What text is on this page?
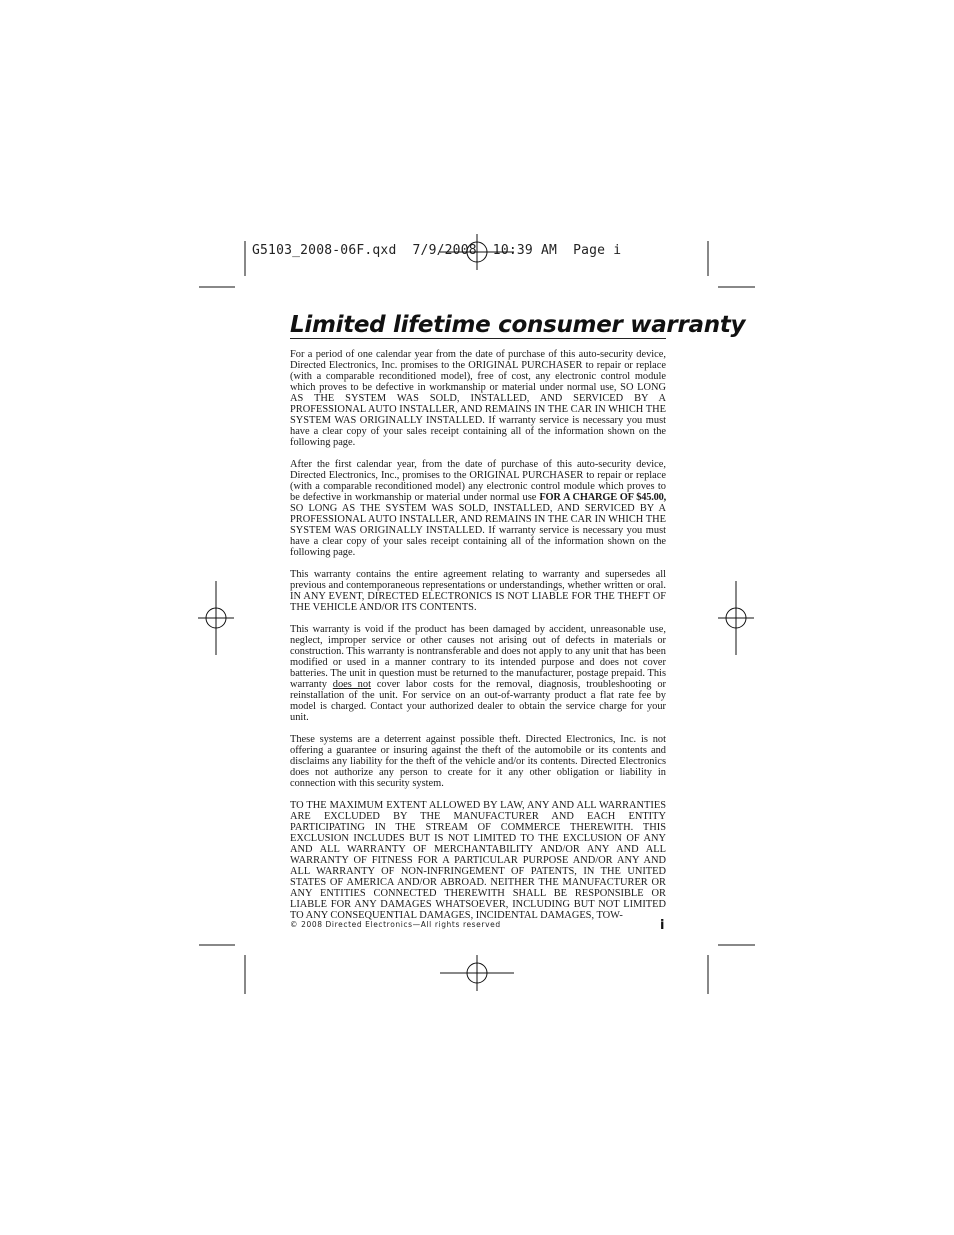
G5103_2008-06F.qxd  7/9/2008  10:39 AM  Page i
Limited lifetime consumer warranty

For a period of one calendar year from the date of purchase of this auto-security device, Directed Electronics, Inc. promises to the ORIGINAL PURCHASER to repair or replace (with a comparable reconditioned model), free of cost, any electronic control module which proves to be defective in workmanship or material under normal use, SO LONG AS THE SYSTEM WAS SOLD, INSTALLED, AND SERVICED BY A PROFESSIONAL AUTO INSTALLER, AND REMAINS IN THE CAR IN WHICH THE SYSTEM WAS ORIGINALLY INSTALLED. If warranty service is necessary you must have a clear copy of your sales receipt containing all of the information shown on the following page.

After the first calendar year, from the date of purchase of this auto-security device, Directed Electronics, Inc., promises to the ORIGINAL PURCHASER to repair or replace (with a comparable reconditioned model) any electronic control module which proves to be defective in workmanship or material under normal use FOR A CHARGE OF $45.00, SO LONG AS THE SYSTEM WAS SOLD, INSTALLED, AND SERVICED BY A PROFESSIONAL AUTO INSTALLER, AND REMAINS IN THE CAR IN WHICH THE SYSTEM WAS ORIGINALLY INSTALLED. If warranty service is necessary you must have a clear copy of your sales receipt containing all of the information shown on the following page.

This warranty contains the entire agreement relating to warranty and supersedes all previous and contemporaneous representations or understandings, whether written or oral. IN ANY EVENT, DIRECTED ELECTRONICS IS NOT LIABLE FOR THE THEFT OF THE VEHICLE AND/OR ITS CONTENTS.

This warranty is void if the product has been damaged by accident, unreasonable use, neglect, improper service or other causes not arising out of defects in materials or construction. This warranty is nontransferable and does not apply to any unit that has been modified or used in a manner contrary to its intended purpose and does not cover batteries. The unit in question must be returned to the manufacturer, postage prepaid. This warranty does not cover labor costs for the removal, diagnosis, troubleshooting or reinstallation of the unit. For service on an out-of-warranty product a flat rate fee by model is charged. Contact your authorized dealer to obtain the service charge for your unit.

These systems are a deterrent against possible theft. Directed Electronics, Inc. is not offering a guarantee or insuring against the theft of the automobile or its contents and disclaims any liability for the theft of the vehicle and/or its contents. Directed Electronics does not authorize any person to create for it any other obligation or liability in connection with this security system.

TO THE MAXIMUM EXTENT ALLOWED BY LAW, ANY AND ALL WARRANTIES ARE EXCLUDED BY THE MANUFACTURER AND EACH ENTITY PARTICIPATING IN THE STREAM OF COMMERCE THEREWITH. THIS EXCLUSION INCLUDES BUT IS NOT LIMITED TO THE EXCLUSION OF ANY AND ALL WARRANTY OF MERCHANTABILITY AND/OR ANY AND ALL WARRANTY OF FITNESS FOR A PARTICULAR PURPOSE AND/OR ANY AND ALL WARRANTY OF NON-INFRINGEMENT OF PATENTS, IN THE UNITED STATES OF AMERICA AND/OR ABROAD. NEITHER THE MANUFACTURER OR ANY ENTITIES CONNECTED THEREWITH SHALL BE RESPONSIBLE OR LIABLE FOR ANY DAMAGES WHATSOEVER, INCLUDING BUT NOT LIMITED TO ANY CONSEQUENTIAL DAMAGES, INCIDENTAL DAMAGES, TOW-

© 2008 Directed Electronics—All rights reserved	i
